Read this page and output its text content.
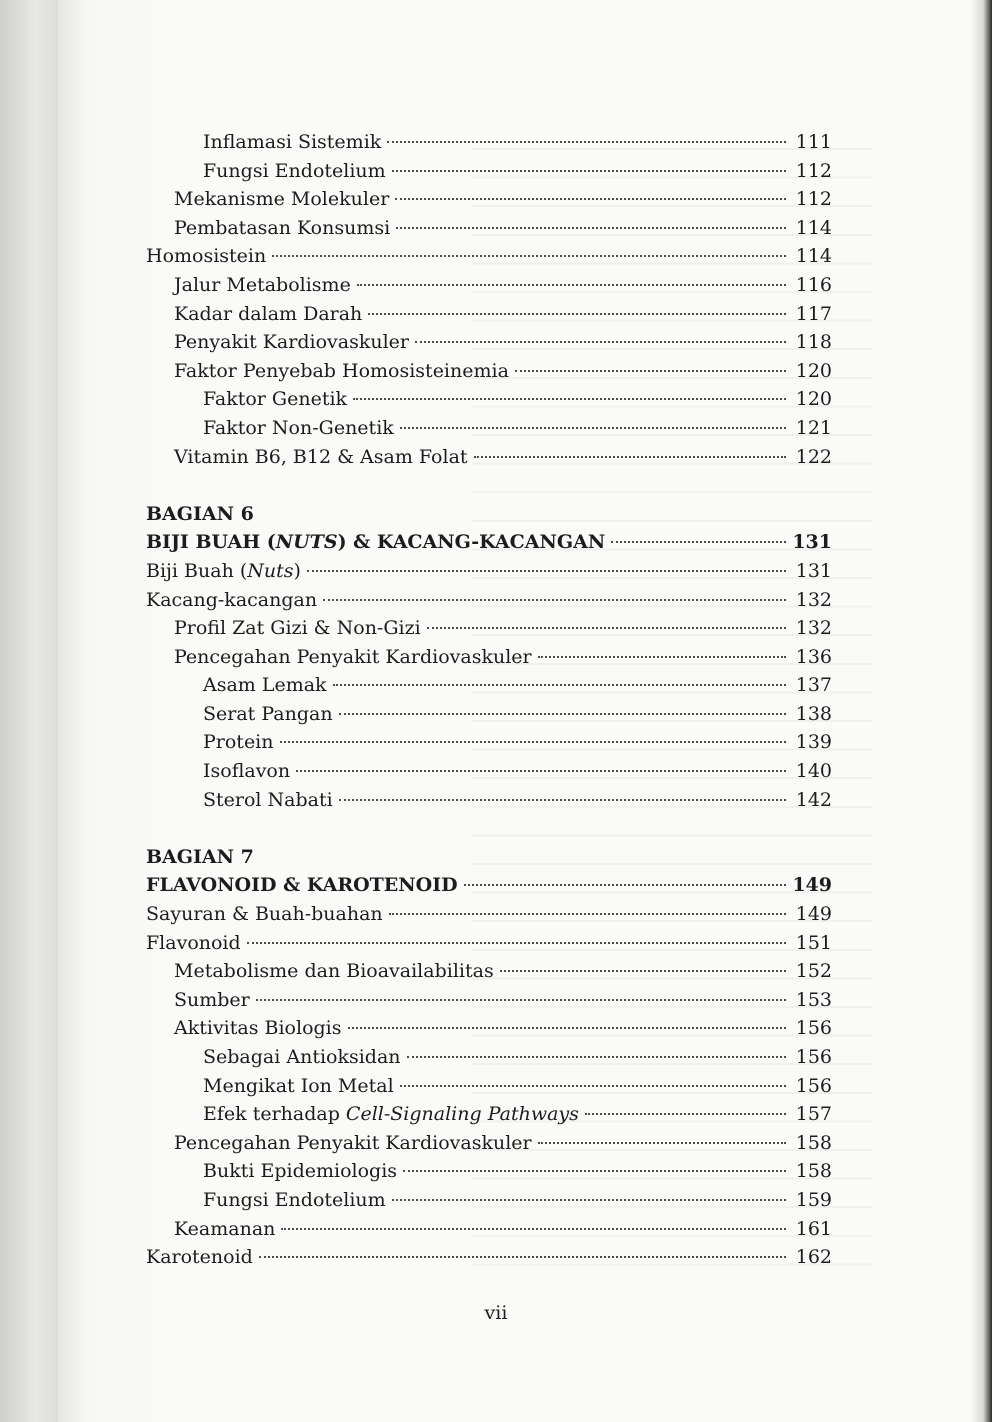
Inflamasi Sistemik	111
Fungsi Endotelium	112
Mekanisme Molekuler	112
Pembatasan Konsumsi	114
Homosistein	114
Jalur Metabolisme	116
Kadar dalam Darah	117
Penyakit Kardiovaskuler	118
Faktor Penyebab Homosisteinemia	120
Faktor Genetik	120
Faktor Non-Genetik	121
Vitamin B6, B12 & Asam Folat	122
BAGIAN 6
BIJI BUAH (NUTS) & KACANG-KACANGAN	131
Biji Buah (Nuts)	131
Kacang-kacangan	132
Profil Zat Gizi & Non-Gizi	132
Pencegahan Penyakit Kardiovaskuler	136
Asam Lemak	137
Serat Pangan	138
Protein	139
Isoflavon	140
Sterol Nabati	142
BAGIAN 7
FLAVONOID & KAROTENOID	149
Sayuran & Buah-buahan	149
Flavonoid	151
Metabolisme dan Bioavailabilitas	152
Sumber	153
Aktivitas Biologis	156
Sebagai Antioksidan	156
Mengikat Ion Metal	156
Efek terhadap Cell-Signaling Pathways	157
Pencegahan Penyakit Kardiovaskuler	158
Bukti Epidemiologis	158
Fungsi Endotelium	159
Keamanan	161
Karotenoid	162
vii
